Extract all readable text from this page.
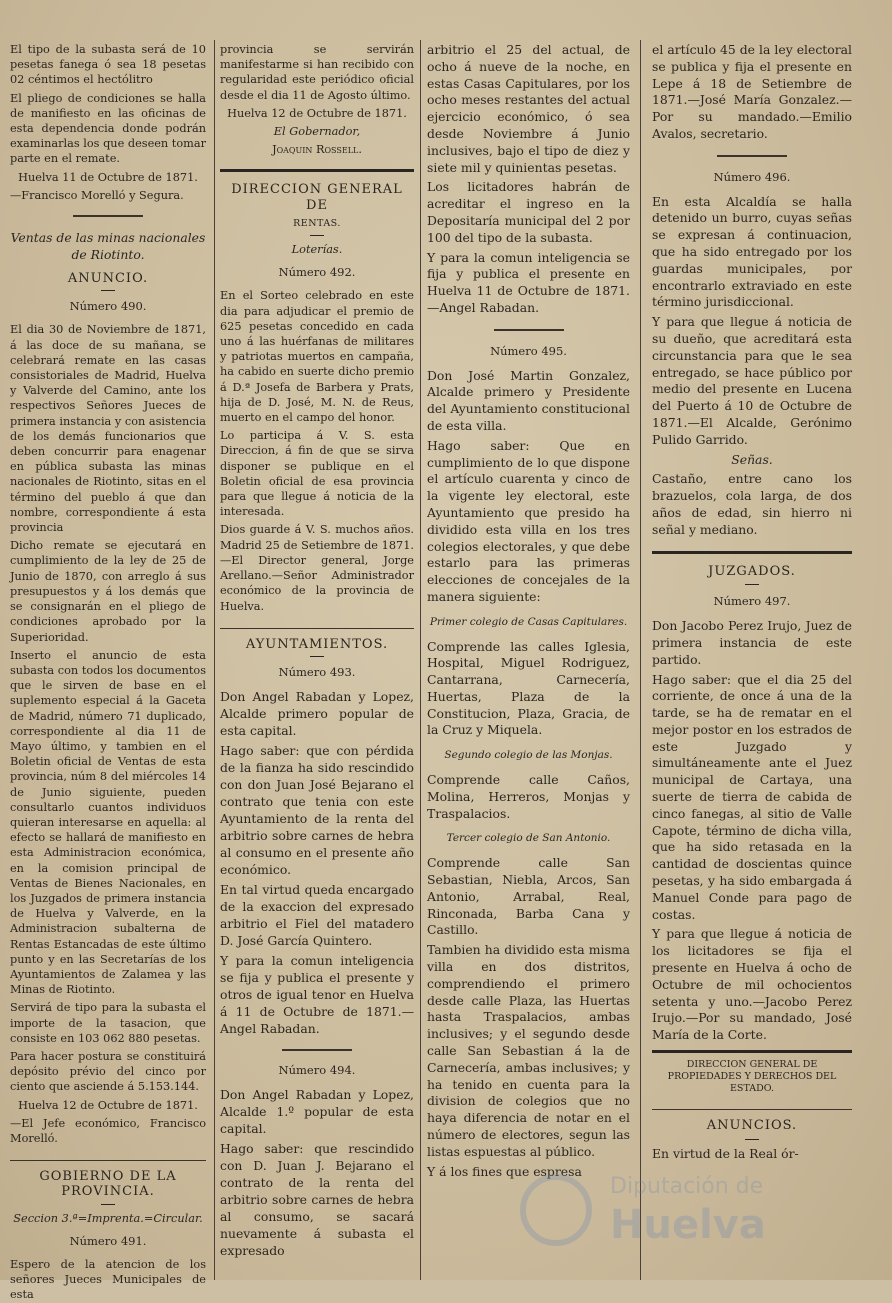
El tipo de la subasta será de 10 pesetas fanega ó sea 18 pesetas 02 céntimos el hectólitro

El pliego de condiciones se halla de manifiesto en las oficinas de esta dependencia donde podrán examinarlas los que deseen tomar parte en el remate.

Huelva 11 de Octubre de 1871.

—Francisco Morelló y Segura.

Ventas de las minas nacionales de Riotinto.

ANUNCIO.
Número 490.

El dia 30 de Noviembre de 1871, á las doce de su mañana, se celebrará remate en las casas consistoriales de Madrid, Huelva y Valverde del Camino, ante los respectivos Señores Jueces de primera instancia y con asistencia de los demás funcionarios que deben concurrir para enagenar en pública subasta las minas nacionales de Riotinto, sitas en el término del pueblo á que dan nombre, correspondiente á esta provincia

Dicho remate se ejecutará en cumplimiento de la ley de 25 de Junio de 1870, con arreglo á sus presupuestos y á los demás que se consignarán en el pliego de condiciones aprobado por la Superioridad.

Inserto el anuncio de esta subasta con todos los documentos que le sirven de base en el suplemento especial á la Gaceta de Madrid, número 71 duplicado, correspondiente al dia 11 de Mayo último, y tambien en el Boletin oficial de Ventas de esta provincia, núm 8 del miércoles 14 de Junio siguiente, pueden consultarlo cuantos individuos quieran interesarse en aquella: al efecto se hallará de manifiesto en esta Administracion económica, en la comision principal de Ventas de Bienes Nacionales, en los Juzgados de primera instancia de Huelva y Valverde, en la Administracion subalterna de Rentas Estancadas de este último punto y en las Secretarías de los Ayuntamientos de Zalamea y las Minas de Riotinto.

Servirá de tipo para la subasta el importe de la tasacion, que consiste en 103 062 880 pesetas.

Para hacer postura se constituirá depósito prévio del cinco por ciento que asciende á 5.153.144.

Huelva 12 de Octubre de 1871.

—El Jefe económico, Francisco Morelló.

GOBIERNO DE LA PROVINCIA.

Seccion 3.ª=Imprenta.=Circular.

Número 491.

Espero de la atencion de los señores Jueces Municipales de esta

provincia se servirán manifestarme si han recibido con regularidad este periódico oficial desde el dia 11 de Agosto último.

Huelva 12 de Octubre de 1871.

El Gobernador,

Joaquin Rossell.

DIRECCION GENERAL DE
RENTAS.

Loterías.

Número 492.

En el Sorteo celebrado en este dia para adjudicar el premio de 625 pesetas concedido en cada uno á las huérfanas de militares y patriotas muertos en campaña, ha cabido en suerte dicho premio á D.ª Josefa de Barbera y Prats, hija de D. José, M. N. de Reus, muerto en el campo del honor.

Lo participa á V. S. esta Direccion, á fin de que se sirva disponer se publique en el Boletin oficial de esa provincia para que llegue á noticia de la interesada.

Dios guarde á V. S. muchos años. Madrid 25 de Setiembre de 1871.—El Director general, Jorge Arellano.—Señor Administrador económico de la provincia de Huelva.

AYUNTAMIENTOS.
Número 493.

Don Angel Rabadan y Lopez, Alcalde primero popular de esta capital.

Hago saber: que con pérdida de la fianza ha sido rescindido con don Juan José Bejarano el contrato que tenia con este Ayuntamiento de la renta del arbitrio sobre carnes de hebra al consumo en el presente año económico.

En tal virtud queda encargado de la exaccion del expresado arbitrio el Fiel del matadero D. José García Quintero.

Y para la comun inteligencia se fija y publica el presente y otros de igual tenor en Huelva á 11 de Octubre de 1871.—Angel Rabadan.

Número 494.

Don Angel Rabadan y Lopez, Alcalde 1.º popular de esta capital.

Hago saber: que rescindido con D. Juan J. Bejarano el contrato de la renta del arbitrio sobre carnes de hebra al consumo, se sacará nuevamente á subasta el expresado

arbitrio el 25 del actual, de ocho á nueve de la noche, en estas Casas Capitulares, por los ocho meses restantes del actual ejercicio económico, ó sea desde Noviembre á Junio inclusives, bajo el tipo de diez y siete mil y quinientas pesetas.

Los licitadores habrán de acreditar el ingreso en la Depositaría municipal del 2 por 100 del tipo de la subasta.

Y para la comun inteligencia se fija y publica el presente en Huelva 11 de Octubre de 1871.—Angel Rabadan.

Número 495.

Don José Martin Gonzalez, Alcalde primero y Presidente del Ayuntamiento constitucional de esta villa.

Hago saber: Que en cumplimiento de lo que dispone el artículo cuarenta y cinco de la vigente ley electoral, este Ayuntamiento que presido ha dividido esta villa en los tres colegios electorales, y que debe estarlo para las primeras elecciones de concejales de la manera siguiente:

Primer colegio de Casas Capitulares.

Comprende las calles Iglesia, Hospital, Miguel Rodriguez, Cantarrana, Carnecería, Huertas, Plaza de la Constitucion, Plaza, Gracia, de la Cruz y Miquela.

Segundo colegio de las Monjas.

Comprende calle Caños, Molina, Herreros, Monjas y Traspalacios.

Tercer colegio de San Antonio.

Comprende calle San Sebastian, Niebla, Arcos, San Antonio, Arrabal, Real, Rinconada, Barba Cana y Castillo.

Tambien ha dividido esta misma villa en dos distritos, comprendiendo el primero desde calle Plaza, las Huertas hasta Traspalacios, ambas inclusives; y el segundo desde calle San Sebastian á la de Carnecería, ambas inclusives; y ha tenido en cuenta para la division de colegios que no haya diferencia de notar en el número de electores, segun las listas espuestas al público.

Y á los fines que espresa

el artículo 45 de la ley electoral se publica y fija el presente en Lepe á 18 de Setiembre de 1871.—José María Gonzalez.—Por su mandado.—Emilio Avalos, secretario.

Número 496.

En esta Alcaldía se halla detenido un burro, cuyas señas se expresan á continuacion, que ha sido entregado por los guardas municipales, por encontrarlo extraviado en este término jurisdiccional.

Y para que llegue á noticia de su dueño, que acreditará esta circunstancia para que le sea entregado, se hace público por medio del presente en Lucena del Puerto á 10 de Octubre de 1871.—El Alcalde, Gerónimo Pulido Garrido.

Señas.

Castaño, entre cano los brazuelos, cola larga, de dos años de edad, sin hierro ni señal y mediano.

JUZGADOS.
Número 497.

Don Jacobo Perez Irujo, Juez de primera instancia de este partido.

Hago saber: que el dia 25 del corriente, de once á una de la tarde, se ha de rematar en el mejor postor en los estrados de este Juzgado y simultáneamente ante el Juez municipal de Cartaya, una suerte de tierra de cabida de cinco fanegas, al sitio de Valle Capote, término de dicha villa, que ha sido retasada en la cantidad de doscientas quince pesetas, y ha sido embargada á Manuel Conde para pago de costas.

Y para que llegue á noticia de los licitadores se fija el presente en Huelva á ocho de Octubre de mil ochocientos setenta y uno.—Jacobo Perez Irujo.—Por su mandado, José María de la Corte.

DIRECCION GENERAL DE PROPIEDADES Y DERECHOS DEL ESTADO.

ANUNCIOS.

En virtud de la Real ór-

Diputación de
Huelva
